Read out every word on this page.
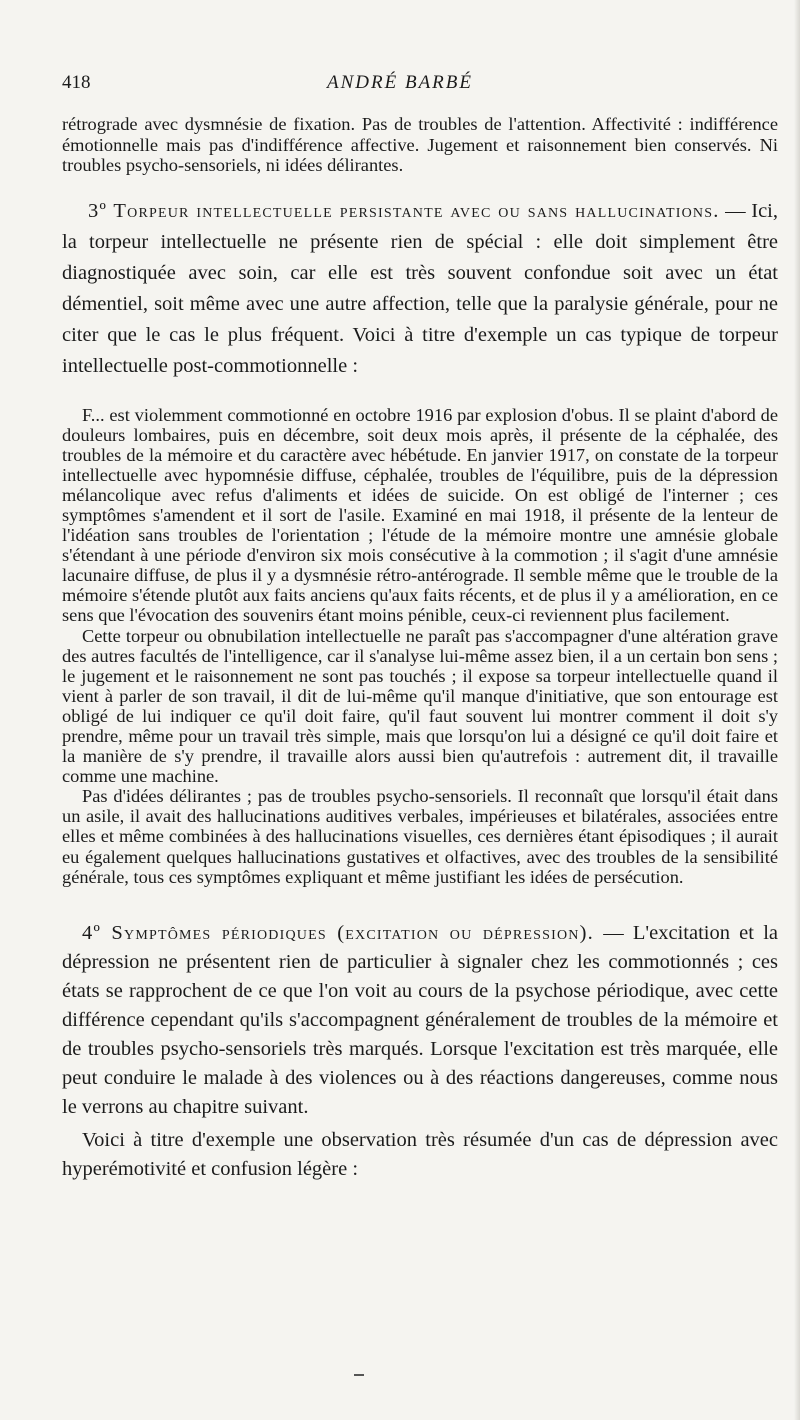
418	ANDRÉ BARBÉ

rétrograde avec dysmnésie de fixation. Pas de troubles de l'attention. Affectivité : indifférence émotionnelle mais pas d'indifférence affective. Jugement et raisonnement bien conservés. Ni troubles psycho-sensoriels, ni idées délirantes.

3º Torpeur intellectuelle persistante avec ou sans hallucinations. — Ici, la torpeur intellectuelle ne présente rien de spécial : elle doit simplement être diagnostiquée avec soin, car elle est très souvent confondue soit avec un état démentiel, soit même avec une autre affection, telle que la paralysie générale, pour ne citer que le cas le plus fréquent. Voici à titre d'exemple un cas typique de torpeur intellectuelle post-commotionnelle :

F... est violemment commotionné en octobre 1916 par explosion d'obus. Il se plaint d'abord de douleurs lombaires, puis en décembre, soit deux mois après, il présente de la céphalée, des troubles de la mémoire et du caractère avec hébétude. En janvier 1917, on constate de la torpeur intellectuelle avec hypomnésie diffuse, céphalée, troubles de l'équilibre, puis de la dépression mélancolique avec refus d'aliments et idées de suicide. On est obligé de l'interner ; ces symptômes s'amendent et il sort de l'asile. Examiné en mai 1918, il présente de la lenteur de l'idéation sans troubles de l'orientation ; l'étude de la mémoire montre une amnésie globale s'étendant à une période d'environ six mois consécutive à la commotion ; il s'agit d'une amnésie lacunaire diffuse, de plus il y a dysmnésie rétro-antérograde. Il semble même que le trouble de la mémoire s'étende plutôt aux faits anciens qu'aux faits récents, et de plus il y a amélioration, en ce sens que l'évocation des souvenirs étant moins pénible, ceux-ci reviennent plus facilement.

Cette torpeur ou obnubilation intellectuelle ne paraît pas s'accompagner d'une altération grave des autres facultés de l'intelligence, car il s'analyse lui-même assez bien, il a un certain bon sens ; le jugement et le raisonnement ne sont pas touchés ; il expose sa torpeur intellectuelle quand il vient à parler de son travail, il dit de lui-même qu'il manque d'initiative, que son entourage est obligé de lui indiquer ce qu'il doit faire, qu'il faut souvent lui montrer comment il doit s'y prendre, même pour un travail très simple, mais que lorsqu'on lui a désigné ce qu'il doit faire et la manière de s'y prendre, il travaille alors aussi bien qu'autrefois : autrement dit, il travaille comme une machine.

Pas d'idées délirantes ; pas de troubles psycho-sensoriels. Il reconnaît que lorsqu'il était dans un asile, il avait des hallucinations auditives verbales, impérieuses et bilatérales, associées entre elles et même combinées à des hallucinations visuelles, ces dernières étant épisodiques ; il aurait eu également quelques hallucinations gustatives et olfactives, avec des troubles de la sensibilité générale, tous ces symptômes expliquant et même justifiant les idées de persécution.

4º Symptômes périodiques (excitation ou dépression). — L'excitation et la dépression ne présentent rien de particulier à signaler chez les commotionnés ; ces états se rapprochent de ce que l'on voit au cours de la psychose périodique, avec cette différence cependant qu'ils s'accompagnent généralement de troubles de la mémoire et de troubles psycho-sensoriels très marqués. Lorsque l'excitation est très marquée, elle peut conduire le malade à des violences ou à des réactions dangereuses, comme nous le verrons au chapitre suivant.

Voici à titre d'exemple une observation très résumée d'un cas de dépression avec hyperémotivité et confusion légère :
